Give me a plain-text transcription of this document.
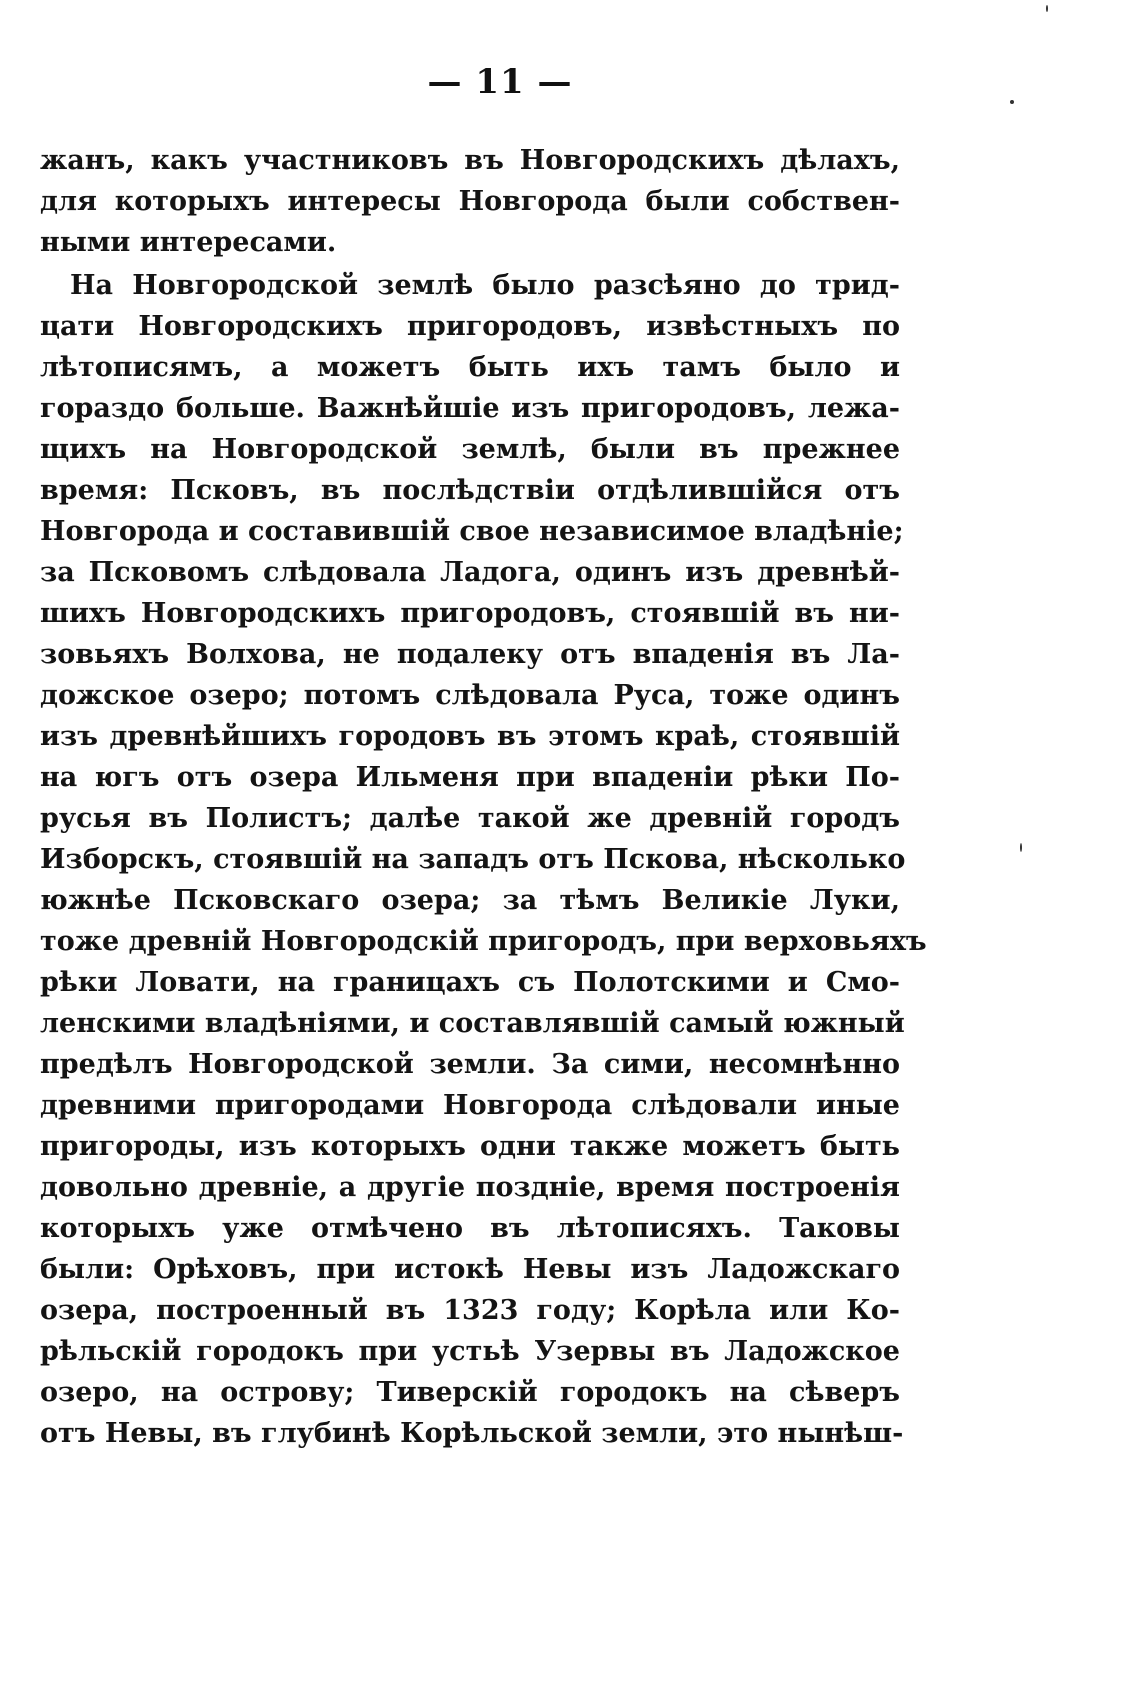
— 11 —
жанъ, какъ участниковъ въ Новгородскихъ дѣлахъ,
для которыхъ интересы Новгорода были собствен-
ными интересами.
На Новгородской землѣ было разсѣяно до трид-
цати Новгородскихъ пригородовъ, извѣстныхъ по
лѣтописямъ, а можетъ быть ихъ тамъ было и
гораздо больше. Важнѣйшіе изъ пригородовъ, лежа-
щихъ на Новгородской землѣ, были въ прежнее
время: Псковъ, въ послѣдствіи отдѣлившійся отъ
Новгорода и составившій свое независимое владѣніе;
за Псковомъ слѣдовала Ладога, одинъ изъ древнѣй-
шихъ Новгородскихъ пригородовъ, стоявшій въ ни-
зовьяхъ Волхова, не подалеку отъ впаденія въ Ла-
дожское озеро; потомъ слѣдовала Руса, тоже одинъ
изъ древнѣйшихъ городовъ въ этомъ краѣ, стоявшій
на югъ отъ озера Ильменя при впаденіи рѣки По-
русья въ Полистъ; далѣе такой же древній городъ
Изборскъ, стоявшій на западъ отъ Пскова, нѣсколько
южнѣе Псковскаго озера; за тѣмъ Великіе Луки,
тоже древній Новгородскій пригородъ, при верховьяхъ
рѣки Ловати, на границахъ съ Полотскими и Смо-
ленскими владѣніями, и составлявшій самый южный
предѣлъ Новгородской земли. За сими, несомнѣнно
древними пригородами Новгорода слѣдовали иные
пригороды, изъ которыхъ одни также можетъ быть
довольно древніе, а другіе поздніе, время построенія
которыхъ уже отмѣчено въ лѣтописяхъ. Таковы
были: Орѣховъ, при истокѣ Невы изъ Ладожскаго
озера, построенный въ 1323 году; Корѣла или Ко-
рѣльскій городокъ при устьѣ Узервы въ Ладожское
озеро, на острову; Тиверскій городокъ на сѣверъ
отъ Невы, въ глубинѣ Корѣльской земли, это нынѣш-
